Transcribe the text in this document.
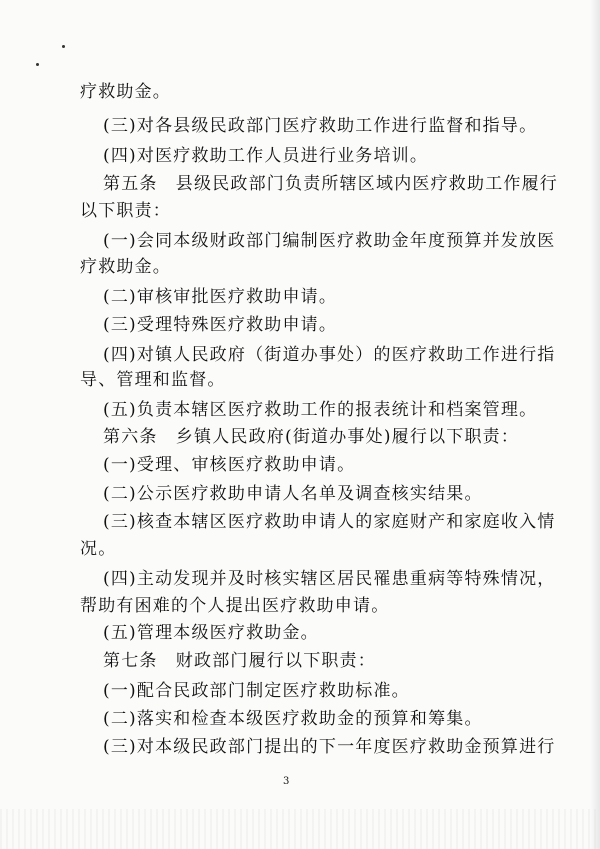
疗救助金。
(三)对各县级民政部门医疗救助工作进行监督和指导。
(四)对医疗救助工作人员进行业务培训。
第五条　县级民政部门负责所辖区域内医疗救助工作履行
以下职责：
(一)会同本级财政部门编制医疗救助金年度预算并发放医
疗救助金。
(二)审核审批医疗救助申请。
(三)受理特殊医疗救助申请。
(四)对镇人民政府（街道办事处）的医疗救助工作进行指
导、管理和监督。
(五)负责本辖区医疗救助工作的报表统计和档案管理。
第六条　乡镇人民政府(街道办事处)履行以下职责：
(一)受理、审核医疗救助申请。
(二)公示医疗救助申请人名单及调查核实结果。
(三)核查本辖区医疗救助申请人的家庭财产和家庭收入情
况。
(四)主动发现并及时核实辖区居民罹患重病等特殊情况，
帮助有困难的个人提出医疗救助申请。
(五)管理本级医疗救助金。
第七条　财政部门履行以下职责：
(一)配合民政部门制定医疗救助标准。
(二)落实和检查本级医疗救助金的预算和筹集。
(三)对本级民政部门提出的下一年度医疗救助金预算进行
3
